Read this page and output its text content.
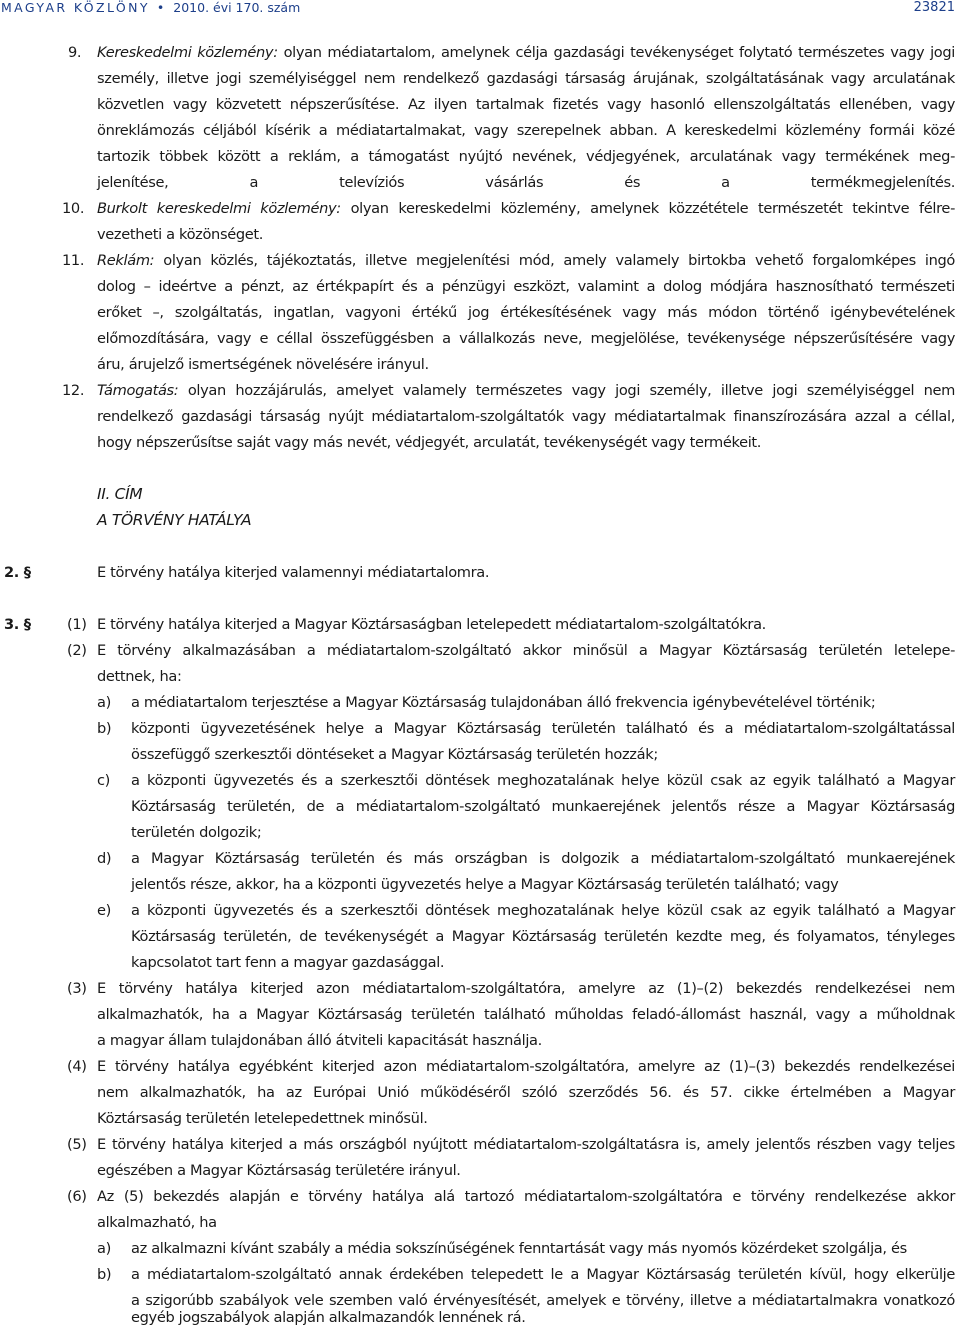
MAGYAR KÖZLÖNY • 2010. évi 170. szám	23821
9. Kereskedelmi közlemény: olyan médiatartalom, amelynek célja gazdasági tevékenységet folytató természetes vagy jogi
személy, illetve jogi személyiséggel nem rendelkező gazdasági társaság árujának, szolgáltatásának vagy arculatának
közvetlen vagy közvetett népszerűsítése. Az ilyen tartalmak fizetés vagy hasonló ellenszolgáltatás ellenében, vagy
önreklámozás céljából kísérik a médiatartalmakat, vagy szerepelnek abban. A kereskedelmi közlemény formái közé
tartozik többek között a reklám, a támogatást nyújtó nevének, védjegyének, arculatának vagy termékének meg-
jelenítése, a televíziós vásárlás és a termékmegjelenítés.
10. Burkolt kereskedelmi közlemény: olyan kereskedelmi közlemény, amelynek közzététele természetét tekintve félre-
vezetheti a közönséget.
11. Reklám: olyan közlés, tájékoztatás, illetve megjelenítési mód, amely valamely birtokba vehető forgalomképes ingó
dolog – ideértve a pénzt, az értékpapírt és a pénzügyi eszközt, valamint a dolog módjára hasznosítható természeti
erőket –, szolgáltatás, ingatlan, vagyoni értékű jog értékesítésének vagy más módon történő igénybevételének
előmozdítására, vagy e céllal összefüggésben a vállalkozás neve, megjelölése, tevékenysége népszerűsítésére vagy
áru, árujelző ismertségének növelésére irányul.
12. Támogatás: olyan hozzájárulás, amelyet valamely természetes vagy jogi személy, illetve jogi személyiséggel nem
rendelkező gazdasági társaság nyújt médiatartalom-szolgáltatók vagy médiatartalmak finanszírozására azzal a céllal,
hogy népszerűsítse saját vagy más nevét, védjegyét, arculatát, tevékenységét vagy termékeit.
II. CÍM
A TÖRVÉNY HATÁLYA
2. §	E törvény hatálya kiterjed valamennyi médiatartalomra.
3. § (1) E törvény hatálya kiterjed a Magyar Köztársaságban letelepedett médiatartalom-szolgáltatókra.
(2) E törvény alkalmazásában a médiatartalom-szolgáltató akkor minősül a Magyar Köztársaság területén letelepe-
dettnek, ha:
a) a médiatartalom terjesztése a Magyar Köztársaság tulajdonában álló frekvencia igénybevételével történik;
b) központi ügyvezetésének helye a Magyar Köztársaság területén található és a médiatartalom-szolgáltatással
összefüggő szerkesztői döntéseket a Magyar Köztársaság területén hozzák;
c) a központi ügyvezetés és a szerkesztői döntések meghozatalának helye közül csak az egyik található a Magyar
Köztársaság területén, de a médiatartalom-szolgáltató munkaerejének jelentős része a Magyar Köztársaság
területén dolgozik;
d) a Magyar Köztársaság területén és más országban is dolgozik a médiatartalom-szolgáltató munkaerejének
jelentős része, akkor, ha a központi ügyvezetés helye a Magyar Köztársaság területén található; vagy
e) a központi ügyvezetés és a szerkesztői döntések meghozatalának helye közül csak az egyik található a Magyar
Köztársaság területén, de tevékenységét a Magyar Köztársaság területén kezdte meg, és folyamatos, tényleges
kapcsolatot tart fenn a magyar gazdasággal.
(3) E törvény hatálya kiterjed azon médiatartalom-szolgáltatóra, amelyre az (1)–(2) bekezdés rendelkezései nem
alkalmazhatók, ha a Magyar Köztársaság területén található műholdas feladó-állomást használ, vagy a műholdnak
a magyar állam tulajdonában álló átviteli kapacitását használja.
(4) E törvény hatálya egyébként kiterjed azon médiatartalom-szolgáltatóra, amelyre az (1)–(3) bekezdés rendelkezései
nem alkalmazhatók, ha az Európai Unió működéséről szóló szerződés 56. és 57. cikke értelmében a Magyar
Köztársaság területén letelepedettnek minősül.
(5) E törvény hatálya kiterjed a más országból nyújtott médiatartalom-szolgáltatásra is, amely jelentős részben vagy teljes
egészében a Magyar Köztársaság területére irányul.
(6) Az (5) bekezdés alapján e törvény hatálya alá tartozó médiatartalom-szolgáltatóra e törvény rendelkezése akkor
alkalmazható, ha
a) az alkalmazni kívánt szabály a média sokszínűségének fenntartását vagy más nyomós közérdeket szolgálja, és
b) a médiatartalom-szolgáltató annak érdekében telepedett le a Magyar Köztársaság területén kívül, hogy elkerülje
a szigorúbb szabályok vele szemben való érvényesítését, amelyek e törvény, illetve a médiatartalmakra vonatkozó
egyéb jogszabályok alapján alkalmazandók lennének rá.
